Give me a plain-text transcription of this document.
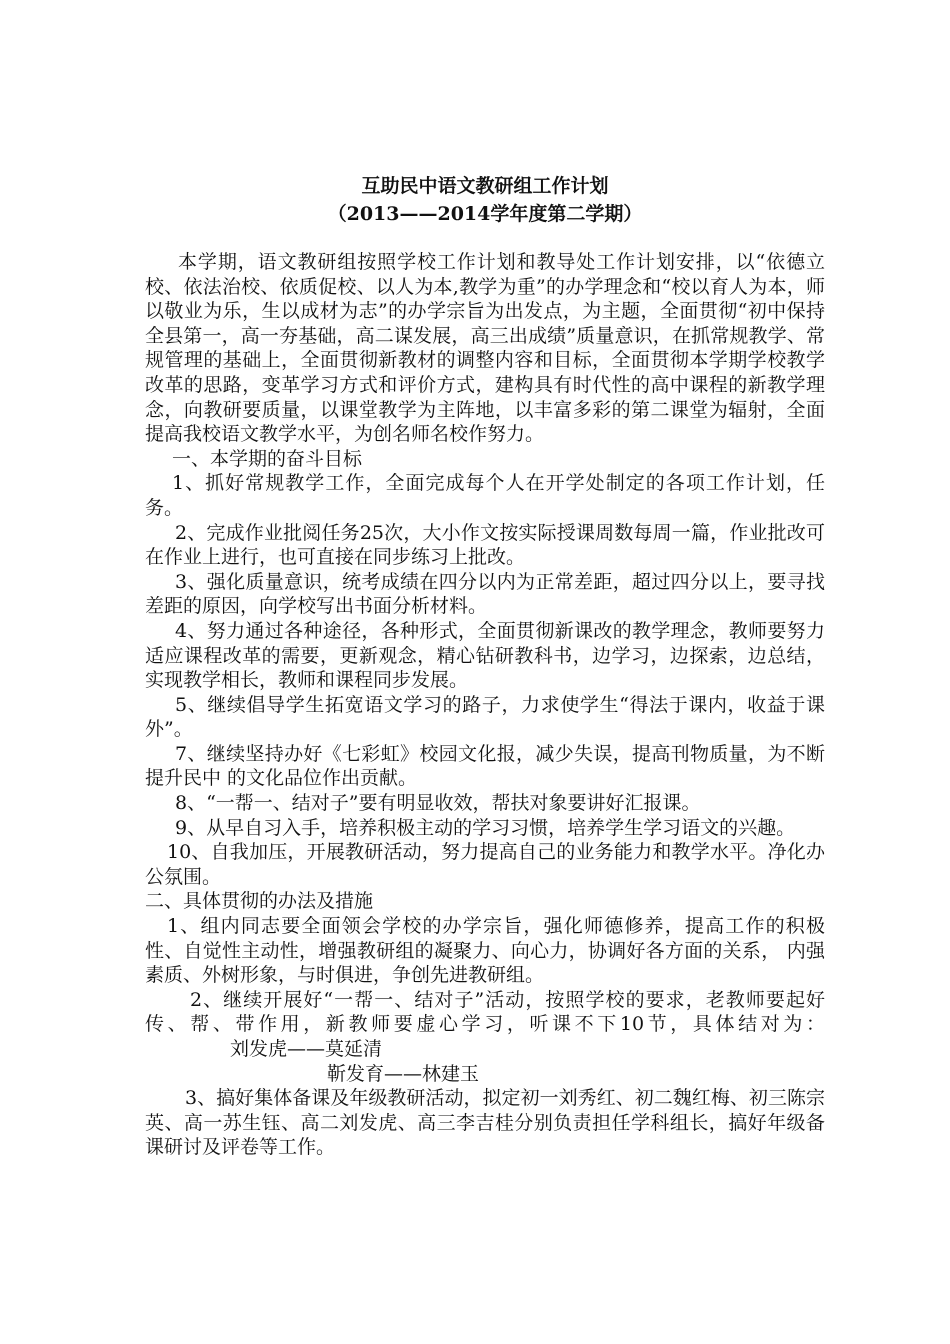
互助民中语文教研组工作计划

（2013——2014学年度第二学期）

本学期，语文教研组按照学校工作计划和教导处工作计划安排，以“依德立校、依法治校、依质促校、以人为本,教学为重”的办学理念和“校以育人为本，师以敬业为乐，生以成材为志”的办学宗旨为出发点，为主题，全面贯彻“初中保持全县第一，高一夯基础，高二谋发展，高三出成绩”质量意识，在抓常规教学、常规管理的基础上，全面贯彻新教材的调整内容和目标，全面贯彻本学期学校教学改革的思路，变革学习方式和评价方式，建构具有时代性的高中课程的新教学理念，向教研要质量，以课堂教学为主阵地，以丰富多彩的第二课堂为辐射，全面提高我校语文教学水平，为创名师名校作努力。

一、本学期的奋斗目标

1、抓好常规教学工作，全面完成每个人在开学处制定的各项工作计划，任务。

2、完成作业批阅任务25次，大小作文按实际授课周数每周一篇，作业批改可在作业上进行，也可直接在同步练习上批改。

3、强化质量意识，统考成绩在四分以内为正常差距，超过四分以上，要寻找差距的原因，向学校写出书面分析材料。

4、努力通过各种途径，各种形式，全面贯彻新课改的教学理念，教师要努力适应课程改革的需要，更新观念，精心钻研教科书，边学习，边探索，边总结，实现教学相长，教师和课程同步发展。

5、继续倡导学生拓宽语文学习的路子，力求使学生“得法于课内，收益于课外”。

7、继续坚持办好《七彩虹》校园文化报，减少失误，提高刊物质量，为不断提升民中 的文化品位作出贡献。

8、“一帮一、结对子”要有明显收效，帮扶对象要讲好汇报课。

9、从早自习入手，培养积极主动的学习习惯，培养学生学习语文的兴趣。

10、自我加压，开展教研活动，努力提高自己的业务能力和教学水平。净化办公氛围。

二、具体贯彻的办法及措施

1、组内同志要全面领会学校的办学宗旨，强化师德修养，提高工作的积极性、自觉性主动性，增强教研组的凝聚力、向心力，协调好各方面的关系， 内强素质、外树形象，与时俱进，争创先进教研组。

2、继续开展好“一帮一、结对子”活动，按照学校的要求，老教师要起好传、帮、带作用，新教师要虚心学习，听课不下10节，具体结对为：刘发虎——莫延清

靳发育——林建玉

3、搞好集体备课及年级教研活动，拟定初一刘秀红、初二魏红梅、初三陈宗英、高一苏生钰、高二刘发虎、高三李吉桂分别负责担任学科组长，搞好年级备课研讨及评卷等工作。
